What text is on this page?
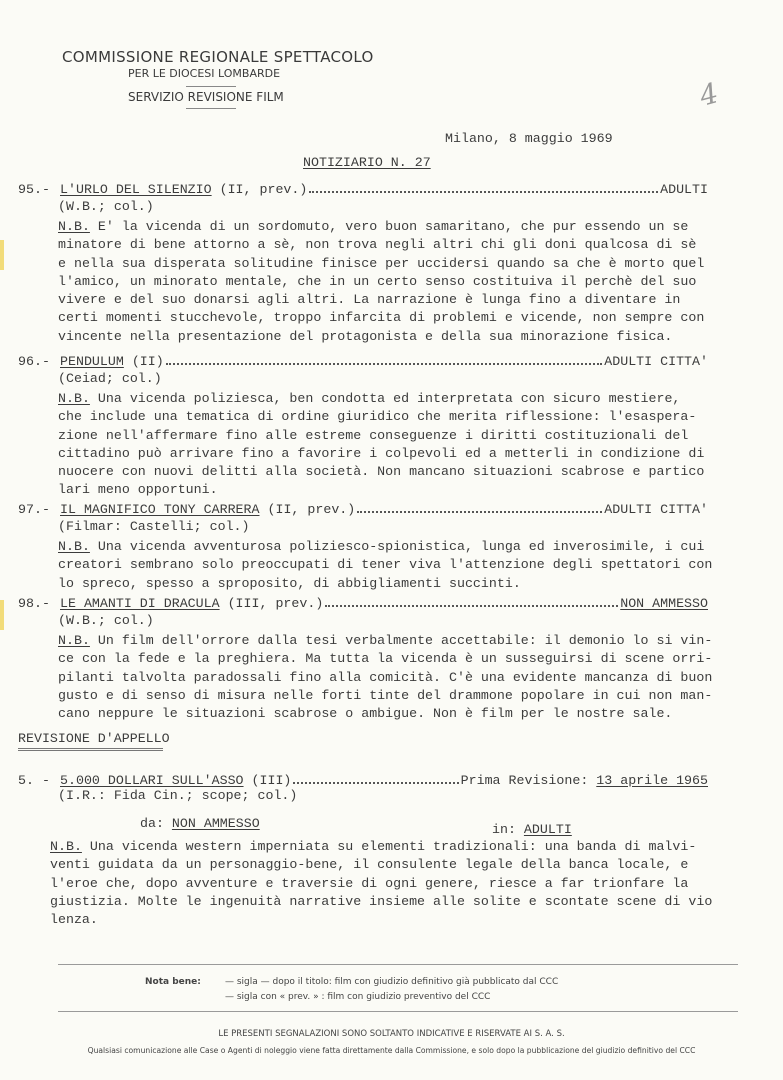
COMMISSIONE REGIONALE SPETTACOLO
PER LE DIOCESI LOMBARDE
SERVIZIO REVISIONE FILM	4
Milano, 8 maggio 1969
NOTIZIARIO N. 27
95.- L'URLO DEL SILENZIO (II, prev.)	ADULTI
(W.B.; col.)
N.B. E' la vicenda di un sordomuto, vero buon samaritano, che pur essendo un se
minatore di bene attorno a sè, non trova negli altri chi gli doni qualcosa di sè
e nella sua disperata solitudine finisce per uccidersi quando sa che è morto quel
l'amico, un minorato mentale, che in un certo senso costituiva il perchè del suo
vivere e del suo donarsi agli altri. La narrazione è lunga fino a diventare in
certi momenti stucchevole, troppo infarcita di problemi e vicende, non sempre con
vincente nella presentazione del protagonista e della sua minorazione fisica.
96.- PENDULUM (II)	ADULTI CITTA'
(Ceiad; col.)
N.B. Una vicenda poliziesca, ben condotta ed interpretata con sicuro mestiere,
che include una tematica di ordine giuridico che merita riflessione: l'esaspera-
zione nell'affermare fino alle estreme conseguenze i diritti costituzionali del
cittadino può arrivare fino a favorire i colpevoli ed a metterli in condizione di
nuocere con nuovi delitti alla società. Non mancano situazioni scabrose e partico
lari meno opportuni.
97.- IL MAGNIFICO TONY CARRERA (II, prev.)	ADULTI CITTA'
(Filmar: Castelli; col.)
N.B. Una vicenda avventurosa poliziesco-spionistica, lunga ed inverosimile, i cui
creatori sembrano solo preoccupati di tener viva l'attenzione degli spettatori con
lo spreco, spesso a sproposito, di abbigliamenti succinti.
98.- LE AMANTI DI DRACULA (III, prev.)	NON AMMESSO
(W.B.; col.)
N.B. Un film dell'orrore dalla tesi verbalmente accettabile: il demonio lo si vin-
ce con la fede e la preghiera. Ma tutta la vicenda è un susseguirsi di scene orri-
pilanti talvolta paradossali fino alla comicità. C'è una evidente mancanza di buon
gusto e di senso di misura nelle forti tinte del drammone popolare in cui non man-
cano neppure le situazioni scabrose o ambigue. Non è film per le nostre sale.
REVISIONE D'APPELLO
5. - 5.000 DOLLARI SULL'ASSO (III)	Prima Revisione: 13 aprile 1965
(I.R.: Fida Cin.; scope; col.)
da: NON AMMESSO	in: ADULTI
N.B. Una vicenda western imperniata su elementi tradizionali: una banda di malvi-
venti guidata da un personaggio-bene, il consulente legale della banca locale, e
l'eroe che, dopo avventure e traversie di ogni genere, riesce a far trionfare la
giustizia. Molte le ingenuità narrative insieme alle solite e scontate scene di vio
lenza.
Nota bene:	— sigla — dopo il titolo: film con giudizio definitivo già pubblicato dal CCC
— sigla con « prev. » : film con giudizio preventivo del CCC
LE PRESENTI SEGNALAZIONI SONO SOLTANTO INDICATIVE E RISERVATE AI S. A. S.
Qualsiasi comunicazione alle Case o Agenti di noleggio viene fatta direttamente dalla Commissione, e solo dopo la pubblicazione del giudizio definitivo del CCC
